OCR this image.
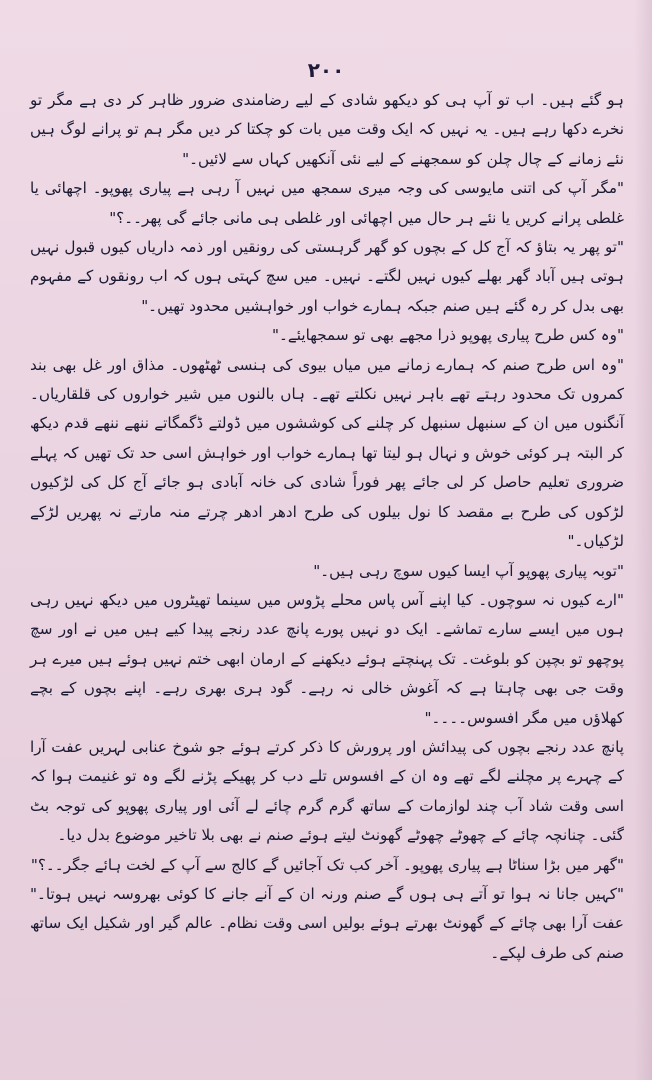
۲۰۰

ہو گئے ہیں۔ اب تو آپ ہی کو دیکھو شادی کے لیے رضامندی ضرور ظاہر کر دی ہے مگر تو نخرے دکھا رہے ہیں۔ یہ نہیں کہ ایک وقت میں بات کو چکتا کر دیں مگر ہم تو پرانے لوگ ہیں نئے زمانے کے چال چلن کو سمجھنے کے لیے نئی آنکھیں کہاں سے لائیں۔"

"مگر آپ کی اتنی مایوسی کی وجہ میری سمجھ میں نہیں آ رہی ہے پیاری پھوپو۔ اچھائی یا غلطی پرانے کریں یا نئے ہر حال میں اچھائی اور غلطی ہی مانی جائے گی پھر۔۔؟"

"تو پھر یہ بتاؤ کہ آج کل کے بچوں کو گھر گرہستی کی رونقیں اور ذمہ داریاں کیوں قبول نہیں ہوتی ہیں آباد گھر بھلے کیوں نہیں لگتے۔ نہیں۔ میں سچ کہتی ہوں کہ اب رونقوں کے مفہوم بھی بدل کر رہ گئے ہیں صنم جبکہ ہمارے خواب اور خواہشیں محدود تھیں۔"

"وہ کس طرح پیاری پھوپو ذرا مجھے بھی تو سمجھایئے۔"

"وہ اس طرح صنم کہ ہمارے زمانے میں میاں بیوی کی ہنسی ٹھٹھوں۔ مذاق اور غل بھی بند کمروں تک محدود رہتے تھے باہر نہیں نکلتے تھے۔ ہاں بالنوں میں شیر خواروں کی قلقاریاں۔ آنگنوں میں ان کے سنبھل سنبھل کر چلنے کی کوششوں میں ڈولتے ڈگمگاتے ننھے ننھے قدم دیکھ کر البتہ ہر کوئی خوش و نہال ہو لیتا تھا ہمارے خواب اور خواہش اسی حد تک تھیں کہ پہلے ضروری تعلیم حاصل کر لی جائے پھر فوراً شادی کی خانہ آبادی ہو جائے آج کل کی لڑکیوں لڑکوں کی طرح بے مقصد کا نول بیلوں کی طرح ادھر ادھر چرتے منہ مارتے نہ پھریں لڑکے لڑکیاں۔"

"توبہ پیاری پھوپو آپ ایسا کیوں سوچ رہی ہیں۔"

"ارے کیوں نہ سوچوں۔ کیا اپنے آس پاس محلے پڑوس میں سینما تھیٹروں میں دیکھ نہیں رہی ہوں میں ایسے سارے تماشے۔ ایک دو نہیں پورے پانچ عدد رنجے پیدا کیے ہیں میں نے اور سچ پوچھو تو بچپن کو بلوغت۔ تک پہنچتے ہوئے دیکھنے کے ارمان ابھی ختم نہیں ہوئے ہیں میرے ہر وقت جی بھی چاہتا ہے کہ آغوش خالی نہ رہے۔ گود ہری بھری رہے۔ اپنے بچوں کے بچے کھلاؤں میں مگر افسوس۔۔۔۔"

پانچ عدد رنجے بچوں کی پیدائش اور پرورش کا ذکر کرتے ہوئے جو شوخ عنابی لہریں عفت آرا کے چہرے پر مچلنے لگے تھے وہ ان کے افسوس تلے دب کر پھیکے پڑنے لگے وہ تو غنیمت ہوا کہ اسی وقت شاد آب چند لوازمات کے ساتھ گرم گرم چائے لے آئی اور پیاری پھوپو کی توجہ بٹ گئی۔ چنانچہ چائے کے چھوٹے چھوٹے گھونٹ لیتے ہوئے صنم نے بھی بلا تاخیر موضوع بدل دیا۔

"گھر میں بڑا سناٹا ہے پیاری پھوپو۔ آخر کب تک آجائیں گے کالج سے آپ کے لخت ہائے جگر۔۔؟"

"کہیں جانا نہ ہوا تو آتے ہی ہوں گے صنم ورنہ ان کے آنے جانے کا کوئی بھروسہ نہیں ہوتا۔" عفت آرا بھی چائے کے گھونٹ بھرتے ہوئے بولیں اسی وقت نظام۔ عالم گیر اور شکیل ایک ساتھ صنم کی طرف لپکے۔
